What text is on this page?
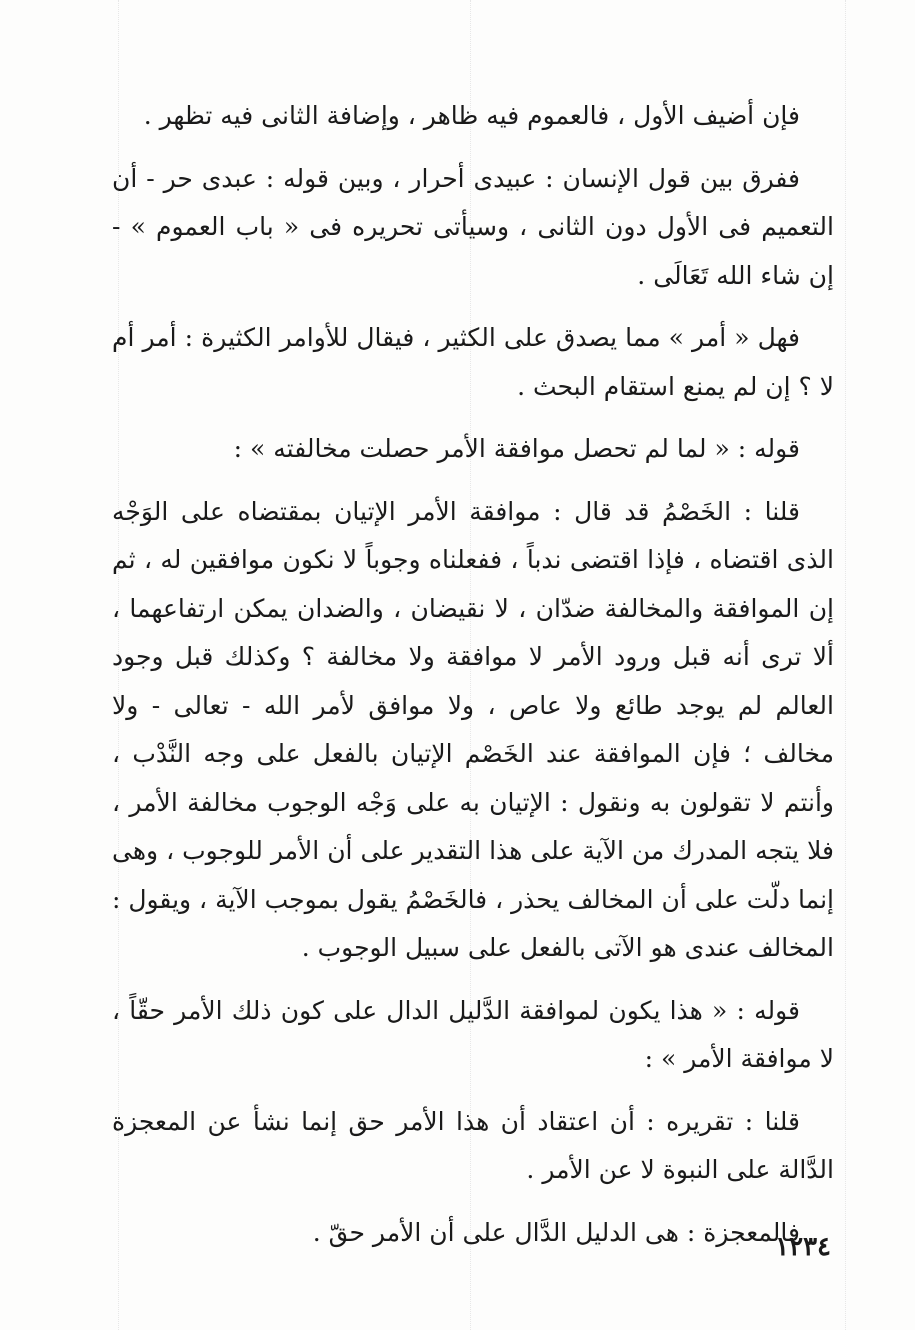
فإن أضيف الأول ، فالعموم فيه ظاهر ، وإضافة الثانى فيه تظهر .

ففرق بين قول الإنسان : عبيدى أحرار ، وبين قوله : عبدى حر - أن التعميم فى الأول دون الثانى ، وسيأتى تحريره فى « باب العموم » - إن شاء الله تَعَالَى .

فهل « أمر » مما يصدق على الكثير ، فيقال للأوامر الكثيرة : أمر أم لا ؟ إن لم يمنع استقام البحث .

قوله : « لما لم تحصل موافقة الأمر حصلت مخالفته » :

قلنا : الخَصْمُ قد قال : موافقة الأمر الإتيان بمقتضاه على الوَجْه الذى اقتضاه ، فإذا اقتضى ندباً ، ففعلناه وجوباً لا نكون موافقين له ، ثم إن الموافقة والمخالفة ضدّان ، لا نقيضان ، والضدان يمكن ارتفاعهما ، ألا ترى أنه قبل ورود الأمر لا موافقة ولا مخالفة ؟ وكذلك قبل وجود العالم لم يوجد طائع ولا عاص ، ولا موافق لأمر الله - تعالى - ولا مخالف ؛ فإن الموافقة عند الخَصْم الإتيان بالفعل على وجه النَّدْب ، وأنتم لا تقولون به ونقول : الإتيان به على وَجْه الوجوب مخالفة الأمر ، فلا يتجه المدرك من الآية على هذا التقدير على أن الأمر للوجوب ، وهى إنما دلّت على أن المخالف يحذر ، فالخَصْمُ يقول بموجب الآية ، ويقول : المخالف عندى هو الآتى بالفعل على سبيل الوجوب .

قوله : « هذا يكون لموافقة الدَّليل الدال على كون ذلك الأمر حقّاً ، لا موافقة الأمر » :

قلنا : تقريره : أن اعتقاد أن هذا الأمر حق إنما نشأ عن المعجزة الدَّالة على النبوة لا عن الأمر .

فالمعجزة : هى الدليل الدَّال على أن الأمر حقّ .

١٢٣٤
